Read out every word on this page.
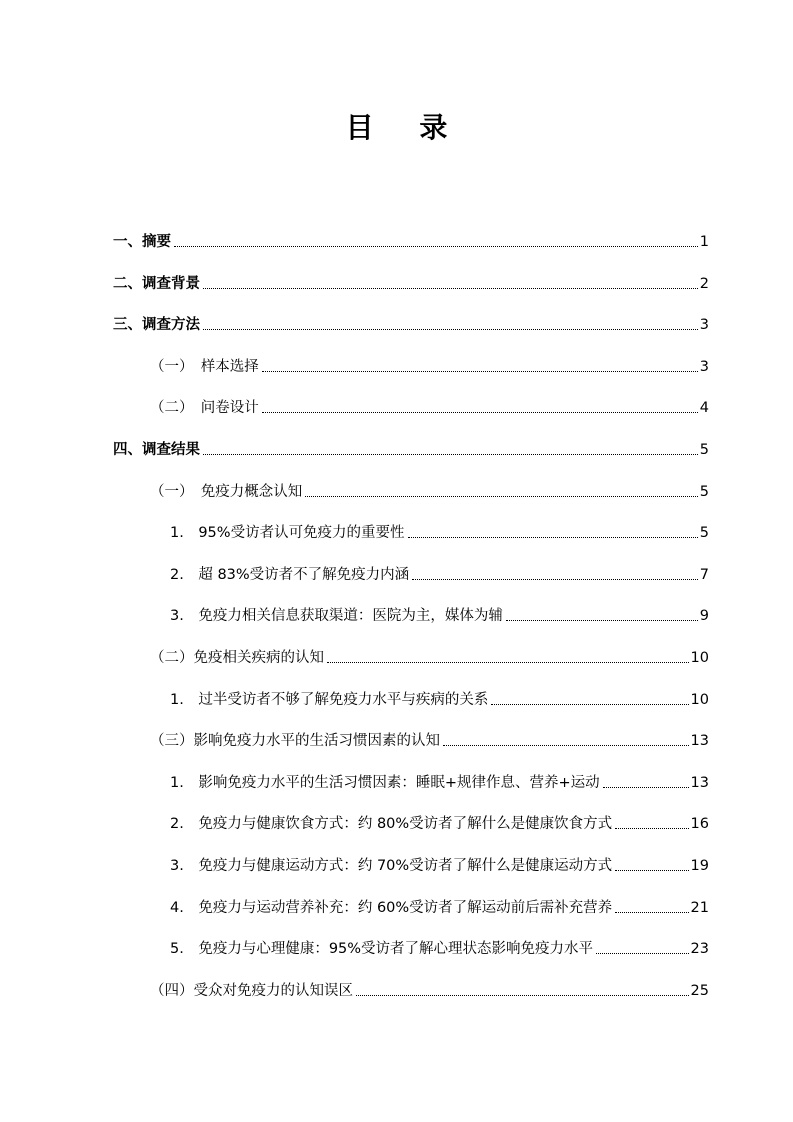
目 录
一、摘要	1
二、调查背景	2
三、调查方法	3
（一）　样本选择	3
（二）　问卷设计	4
四、调查结果	5
（一）　免疫力概念认知	5
1.　95%受访者认可免疫力的重要性	5
2.　超 83%受访者不了解免疫力内涵	7
3.　免疫力相关信息获取渠道：医院为主，媒体为辅	9
（二）免疫相关疾病的认知	10
1.　过半受访者不够了解免疫力水平与疾病的关系	10
（三）影响免疫力水平的生活习惯因素的认知	13
1.　影响免疫力水平的生活习惯因素：睡眠+规律作息、营养+运动	13
2.　免疫力与健康饮食方式：约 80%受访者了解什么是健康饮食方式	16
3.　免疫力与健康运动方式：约 70%受访者了解什么是健康运动方式	19
4.　免疫力与运动营养补充：约 60%受访者了解运动前后需补充营养	21
5.　免疫力与心理健康：95%受访者了解心理状态影响免疫力水平	23
（四）受众对免疫力的认知误区	25
